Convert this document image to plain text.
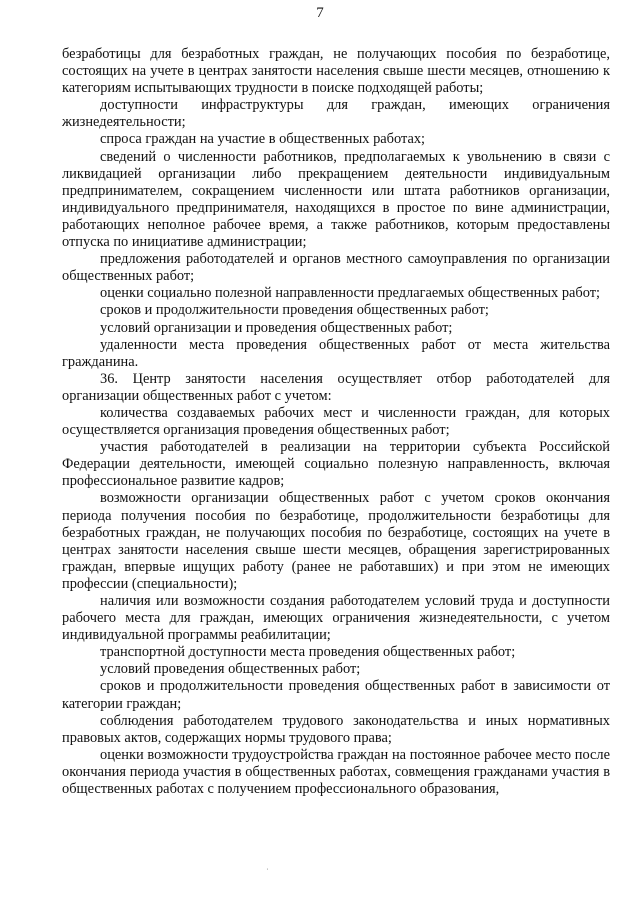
7

безработицы для безработных граждан, не получающих пособия по безработице, состоящих на учете в центрах занятости населения свыше шести месяцев, отношению к категориям испытывающих трудности в поиске подходящей работы;

доступности инфраструктуры для граждан, имеющих ограничения жизнедеятельности;

спроса граждан на участие в общественных работах;

сведений о численности работников, предполагаемых к увольнению в связи с ликвидацией организации либо прекращением деятельности индивидуальным предпринимателем, сокращением численности или штата работников организации, индивидуального предпринимателя, находящихся в простое по вине администрации, работающих неполное рабочее время, а также работников, которым предоставлены отпуска по инициативе администрации;

предложения работодателей и органов местного самоуправления по организации общественных работ;

оценки социально полезной направленности предлагаемых общественных работ;

сроков и продолжительности проведения общественных работ;

условий организации и проведения общественных работ;

удаленности места проведения общественных работ от места жительства гражданина.

36. Центр занятости населения осуществляет отбор работодателей для организации общественных работ с учетом:

количества создаваемых рабочих мест и численности граждан, для которых осуществляется организация проведения общественных работ;

участия работодателей в реализации на территории субъекта Российской Федерации деятельности, имеющей социально полезную направленность, включая профессиональное развитие кадров;

возможности организации общественных работ с учетом сроков окончания периода получения пособия по безработице, продолжительности безработицы для безработных граждан, не получающих пособия по безработице, состоящих на учете в центрах занятости населения свыше шести месяцев, обращения зарегистрированных граждан, впервые ищущих работу (ранее не работавших) и при этом не имеющих профессии (специальности);

наличия или возможности создания работодателем условий труда и доступности рабочего места для граждан, имеющих ограничения жизнедеятельности, с учетом индивидуальной программы реабилитации;

транспортной доступности места проведения общественных работ;

условий проведения общественных работ;

сроков и продолжительности проведения общественных работ в зависимости от категории граждан;

соблюдения работодателем трудового законодательства и иных нормативных правовых актов, содержащих нормы трудового права;

оценки возможности трудоустройства граждан на постоянное рабочее место после окончания периода участия в общественных работах, совмещения гражданами участия в общественных работах с получением профессионального образования,

˙
